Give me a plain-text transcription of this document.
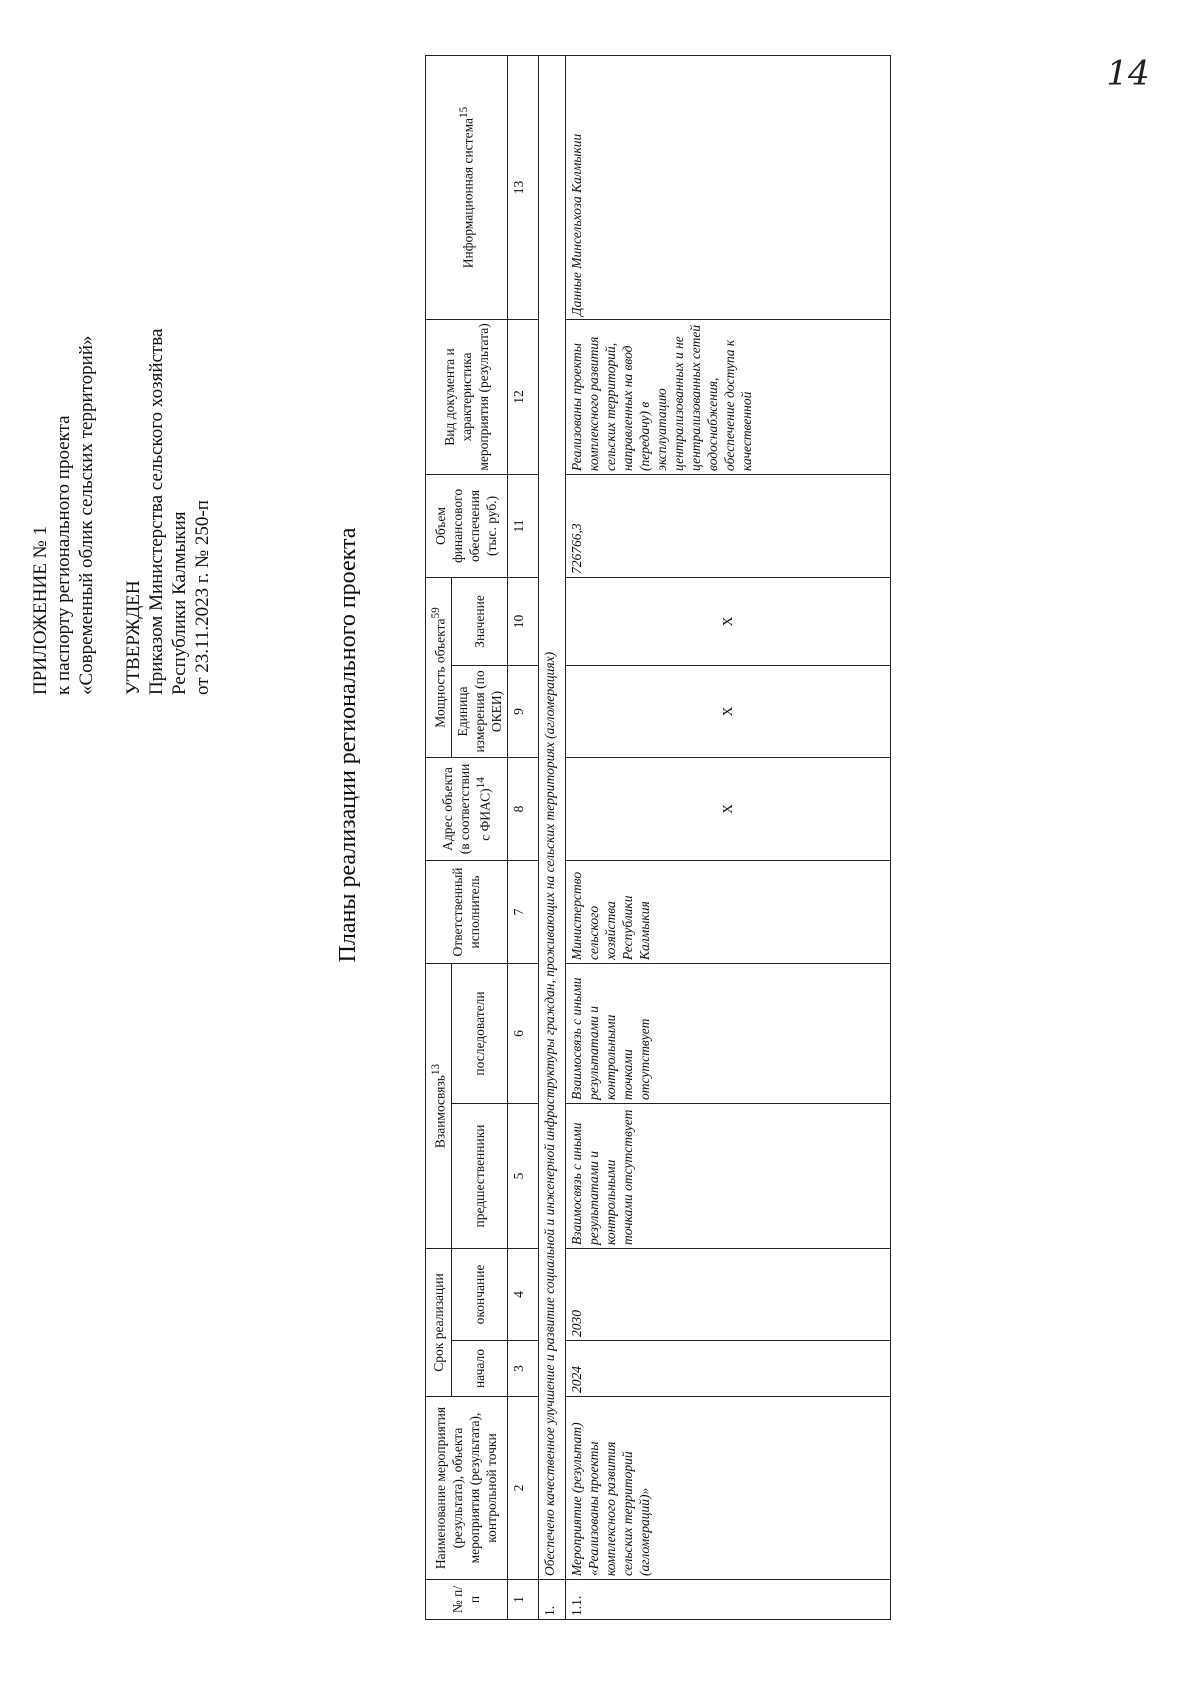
ПРИЛОЖЕНИЕ № 1 к паспорту регионального проекта «Современный облик сельских территорий» УТВЕРЖДЕН Приказом Министерства сельского хозяйства Республики Калмыкия от 23.11.2023 г. № 250-п	Планы реализации регионального проекта
14
№ п/п	Наименование мероприятия (результата), объекта мероприятия (результата), контрольной точки	Срок реализации		Взаимосвязь$^{13}$		Ответственный исполнитель	Адрес объекта (в соответствии с ФИАС)$^{14}$	Мощность объекта$^{59}$		Объем финансового обеспечения (тыс. руб.)	Вид документа и характеристика мероприятия (результата)	Информационная система$^{15}$
		начало	окончание	предшественники	последователи			Единица измерения (по ОКЕИ)	Значение			
1	2	3	4	5	6	7	8	9	10	11	12	13
1.	Обеспечено качественное улучшение и развитие социальной и инженерной инфраструктуры граждан, проживающих на сельских территориях (агломерациях)											
1.1.	Мероприятие (результат) «Реализованы проекты комплексного развития сельских территорий (агломераций)»	2024	2030	Взаимосвязь с иными результатами и контрольными точками отсутствует	Взаимосвязь с иными результатами и контрольными точками отсутствует	Министерство сельского хозяйства Республики Калмыкия	Х	Х	Х	726766,3	Реализованы проекты комплексного развития сельских территорий, направленных на ввод (передачу) в эксплуатацию централизованных и не централизованных сетей водоснабжения, обеспечение доступа к качественной	Данные Минсельхоза Калмыкии
